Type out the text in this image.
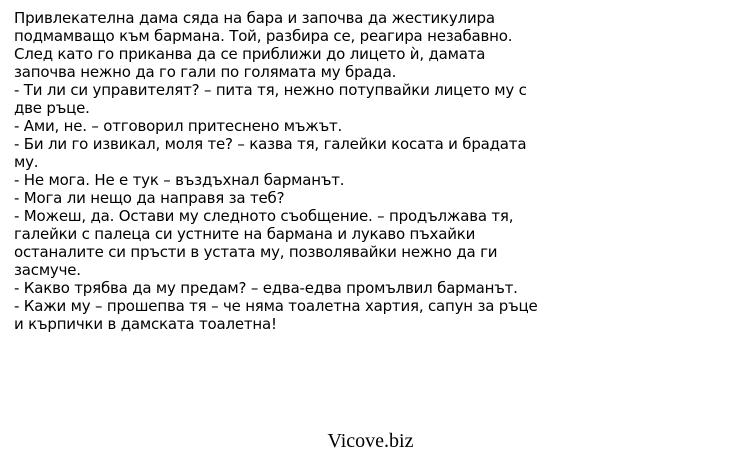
Привлекателна дама сяда на бара и започва да жестикулира
подмамващо към бармана. Той, разбира се, реагира незабавно.
След като го приканва да се приближи до лицето ѝ, дамата
започва нежно да го гали по голямата му брада.
- Ти ли си управителят? – пита тя, нежно потупвайки лицето му с
две ръце.
- Ами, не. – отговорил притеснено мъжът.
- Би ли го извикал, моля те? – казва тя, галейки косата и брадата
му.
- Не мога. Не е тук – въздъхнал барманът.
- Мога ли нещо да направя за теб?
- Можеш, да. Остави му следното съобщение. – продължава тя,
галейки с палеца си устните на бармана и лукаво пъхайки
останалите си пръсти в устата му, позволявайки нежно да ги
засмуче.
- Какво трябва да му предам? – едва-едва промълвил барманът.
- Кажи му – прошепва тя – че няма тоалетна хартия, сапун за ръце
и кърпички в дамската тоалетна!
Vicove.biz
